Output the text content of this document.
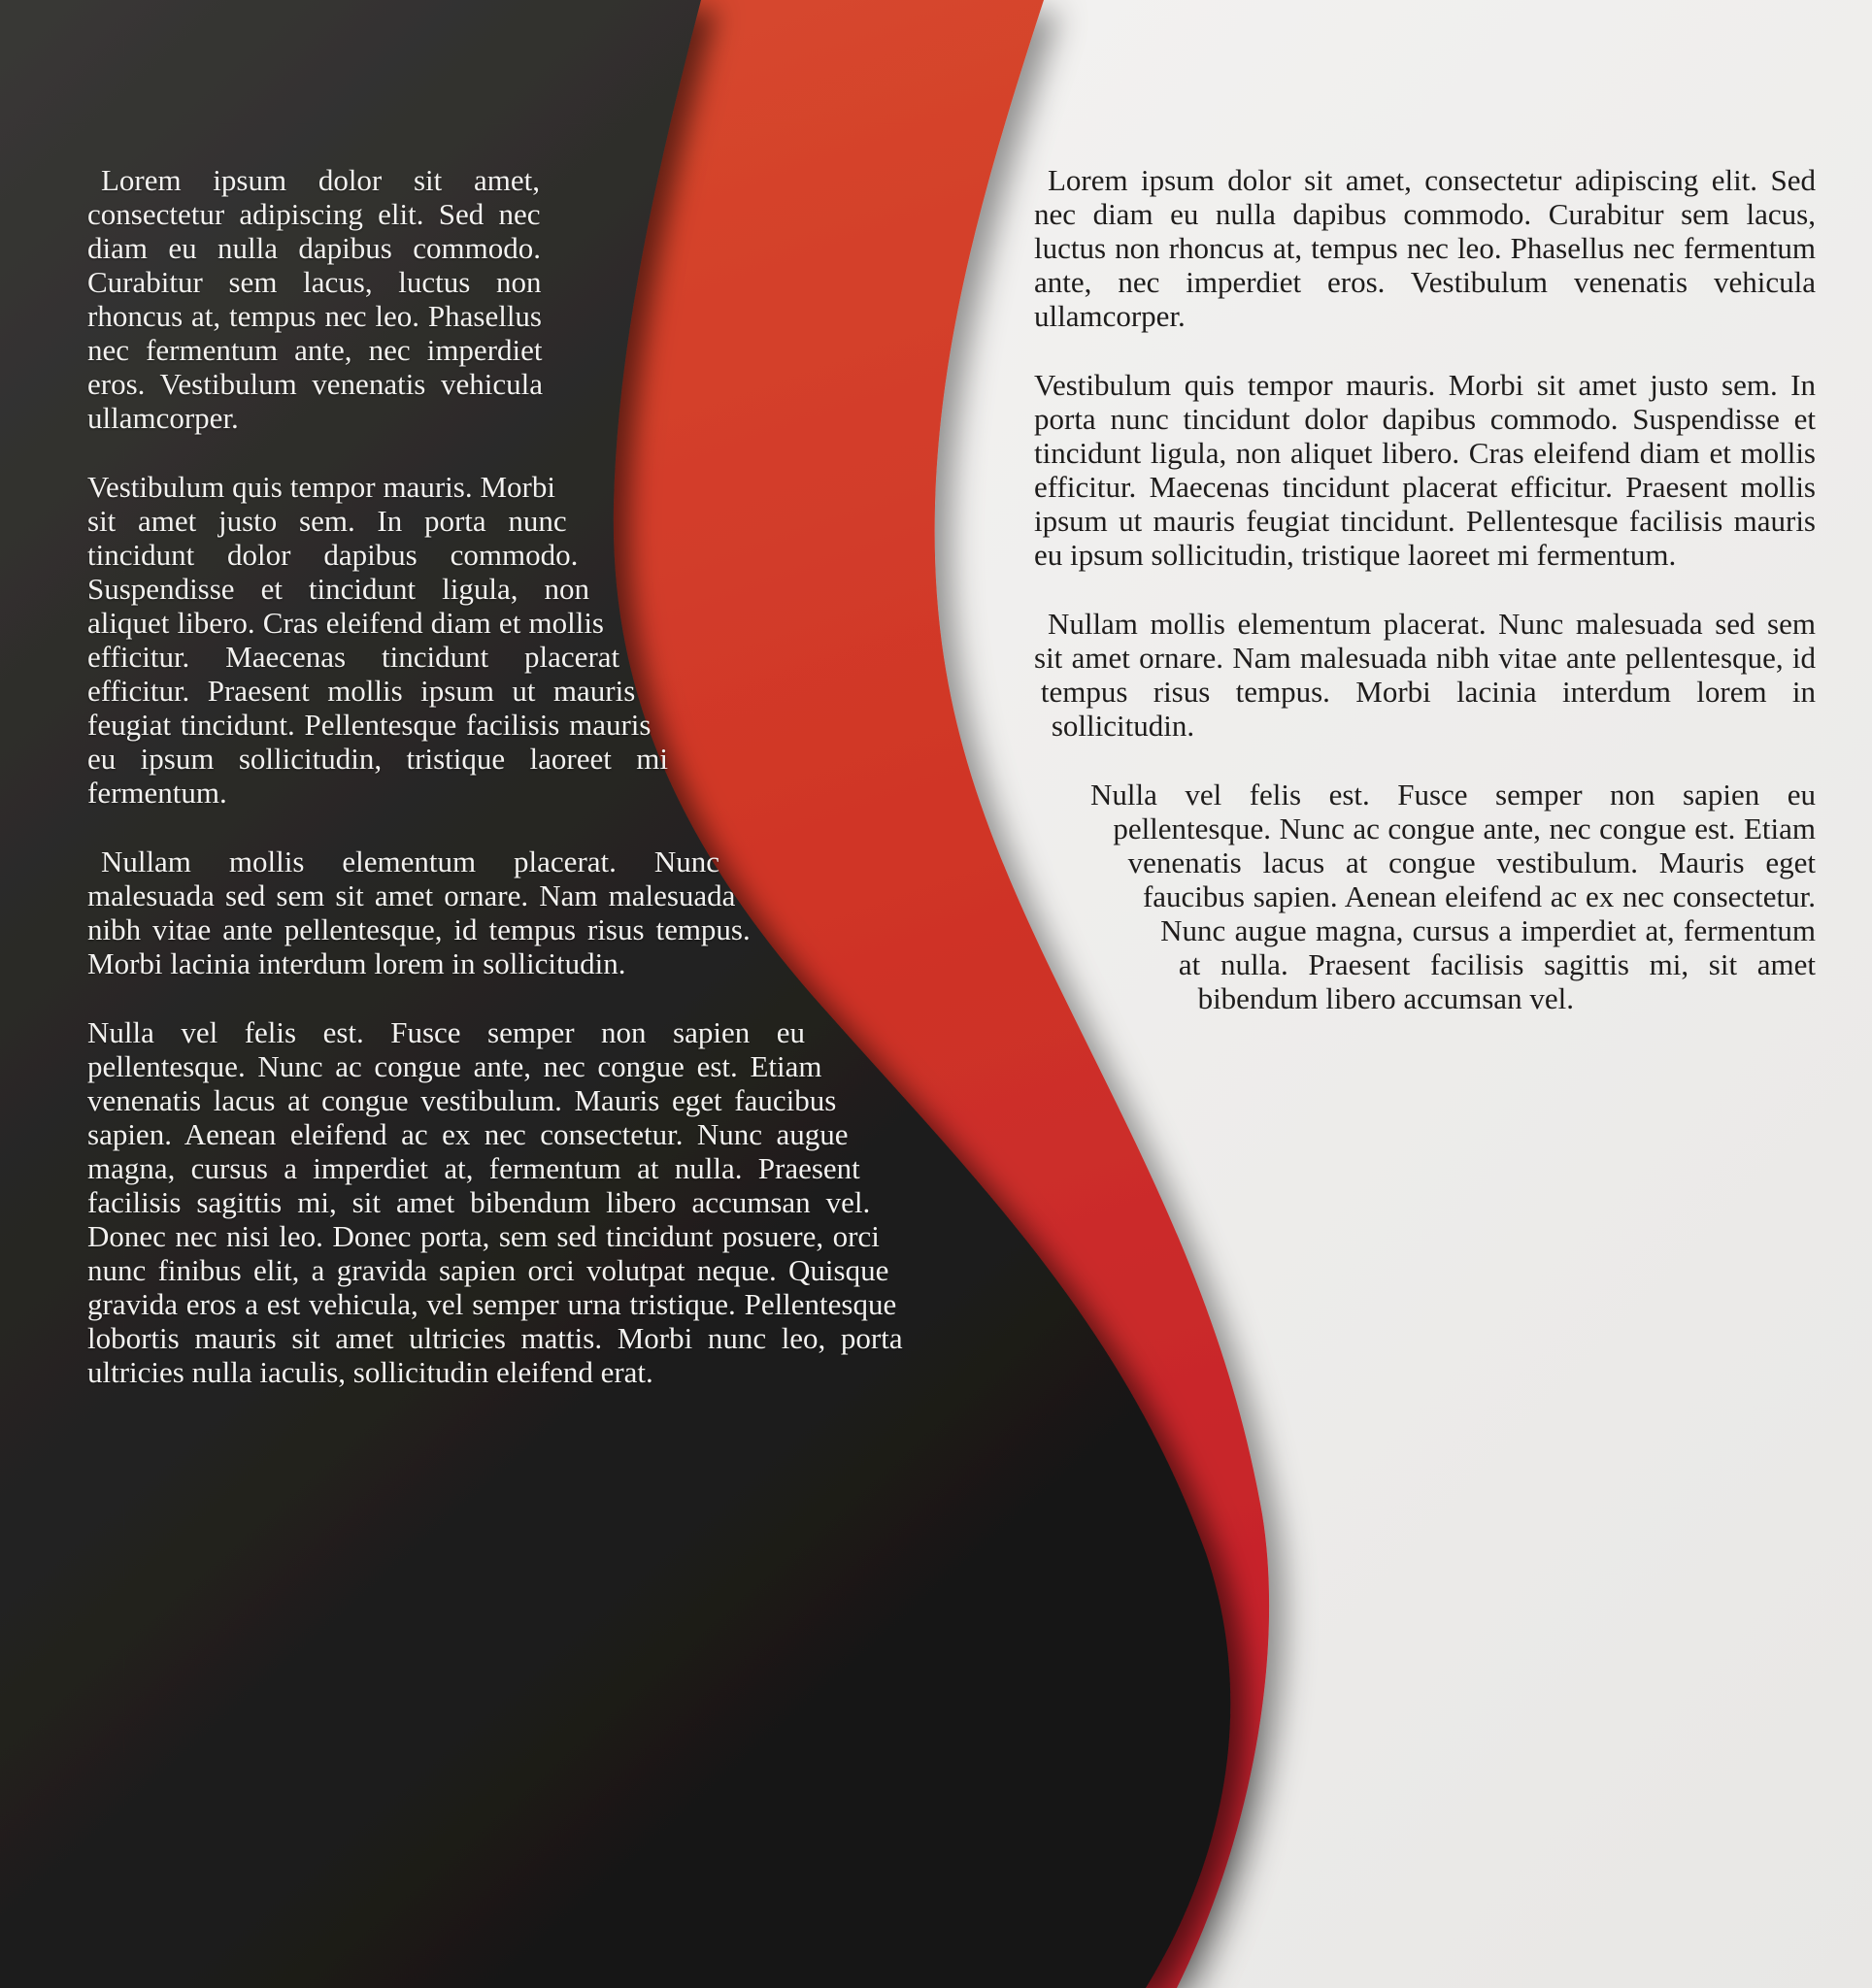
Lorem ipsum dolor sit amet, consectetur adipiscing elit. Sed nec diam eu nulla dapibus commodo. Curabitur sem lacus, luctus non rhoncus at, tempus nec leo. Phasellus nec fermentum ante, nec imperdiet eros. Vestibulum venenatis vehicula ullamcorper.

Vestibulum quis tempor mauris. Morbi sit amet justo sem. In porta nunc tincidunt dolor dapibus commodo. Suspendisse et tincidunt ligula, non aliquet libero. Cras eleifend diam et mollis efficitur. Maecenas tincidunt placerat efficitur. Praesent mollis ipsum ut mauris feugiat tincidunt. Pellentesque facilisis mauris eu ipsum sollicitudin, tristique laoreet mi fermentum.

Nullam mollis elementum placerat. Nunc malesuada sed sem sit amet ornare. Nam malesuada nibh vitae ante pellentesque, id tempus risus tempus. Morbi lacinia interdum lorem in sollicitudin.

Nulla vel felis est. Fusce semper non sapien eu pellentesque. Nunc ac congue ante, nec congue est. Etiam venenatis lacus at congue vestibulum. Mauris eget faucibus sapien. Aenean eleifend ac ex nec consectetur. Nunc augue magna, cursus a imperdiet at, fermentum at nulla. Praesent facilisis sagittis mi, sit amet bibendum libero accumsan vel. Donec nec nisi leo. Donec porta, sem sed tincidunt posuere, orci nunc finibus elit, a gravida sapien orci volutpat neque. Quisque gravida eros a est vehicula, vel semper urna tristique. Pellentesque lobortis mauris sit amet ultricies mattis. Morbi nunc leo, porta ultricies nulla iaculis, sollicitudin eleifend erat.

Lorem ipsum dolor sit amet, consectetur adipiscing elit. Sed nec diam eu nulla dapibus commodo. Curabitur sem lacus, luctus non rhoncus at, tempus nec leo. Phasellus nec fermentum ante, nec imperdiet eros. Vestibulum venenatis vehicula ullamcorper.

Vestibulum quis tempor mauris. Morbi sit amet justo sem. In porta nunc tincidunt dolor dapibus commodo. Suspendisse et tincidunt ligula, non aliquet libero. Cras eleifend diam et mollis efficitur. Maecenas tincidunt placerat efficitur. Praesent mollis ipsum ut mauris feugiat tincidunt. Pellentesque facilisis mauris eu ipsum sollicitudin, tristique laoreet mi fermentum.

Nullam mollis elementum placerat. Nunc malesuada sed sem sit amet ornare. Nam malesuada nibh vitae ante pellentesque, id tempus risus tempus. Morbi lacinia interdum lorem in sollicitudin.

Nulla vel felis est. Fusce semper non sapien eu pellentesque. Nunc ac congue ante, nec congue est. Etiam venenatis lacus at congue vestibulum. Mauris eget faucibus sapien. Aenean eleifend ac ex nec consectetur. Nunc augue magna, cursus a imperdiet at, fermentum at nulla. Praesent facilisis sagittis mi, sit amet bibendum libero accumsan vel.
